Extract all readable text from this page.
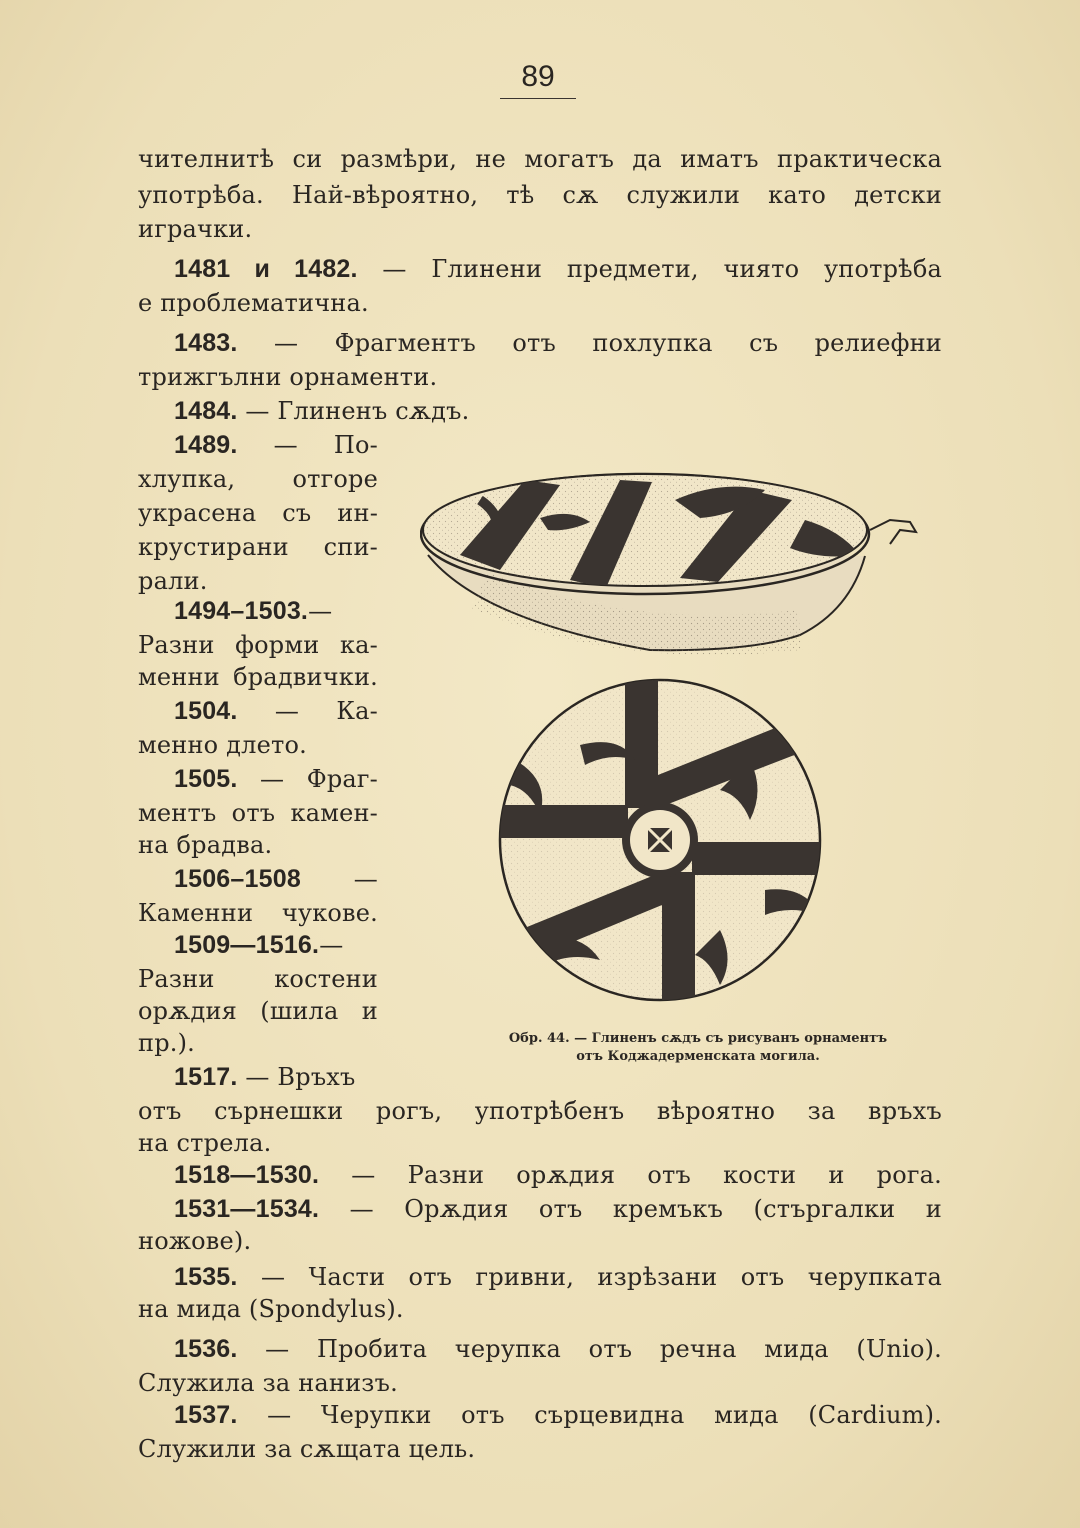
89
чителнитѣ си размѣри, не могатъ да иматъ практическа
употрѣба. Най-вѣроятно, тѣ сѫ служили като детски
играчки.
1481 и 1482. — Глинени предмети, чиято употрѣба
е проблематична.
1483. — Фрагментъ отъ похлупка съ релиефни
трижгълни орнаменти.
1484. — Глиненъ сѫдъ.
1489. — По-
хлупка, отгоре
украсена съ ин-
крустирани спи-
рали.
1494–1503.—
Разни форми ка-
менни брадвички.
1504. — Ка-
менно длето.
1505. — Фраг-
ментъ отъ камен-
на брадва.
1506–1508 —
Каменни чукове.
1509—1516.—
Разни костени
орѫдия (шила и
пр.).
1517. — Връхъ
отъ сърнешки рогъ, употрѣбенъ вѣроятно за връхъ
на стрела.
1518—1530. — Разни орѫдия отъ кости и рога.
1531—1534. — Орѫдия отъ кремъкъ (стъргалки и
ножове).
1535. — Части отъ гривни, изрѣзани отъ черупката
на мида (Spondylus).
1536. — Пробита черупка отъ речна мида (Unio).
Служила за нанизъ.
1537. — Черупки отъ сърцевидна мида (Cardium).
Служили за сѫщата цель.
Обр. 44. — Глиненъ сѫдъ съ рисуванъ орнаментъ
отъ Коджадерменската могила.
